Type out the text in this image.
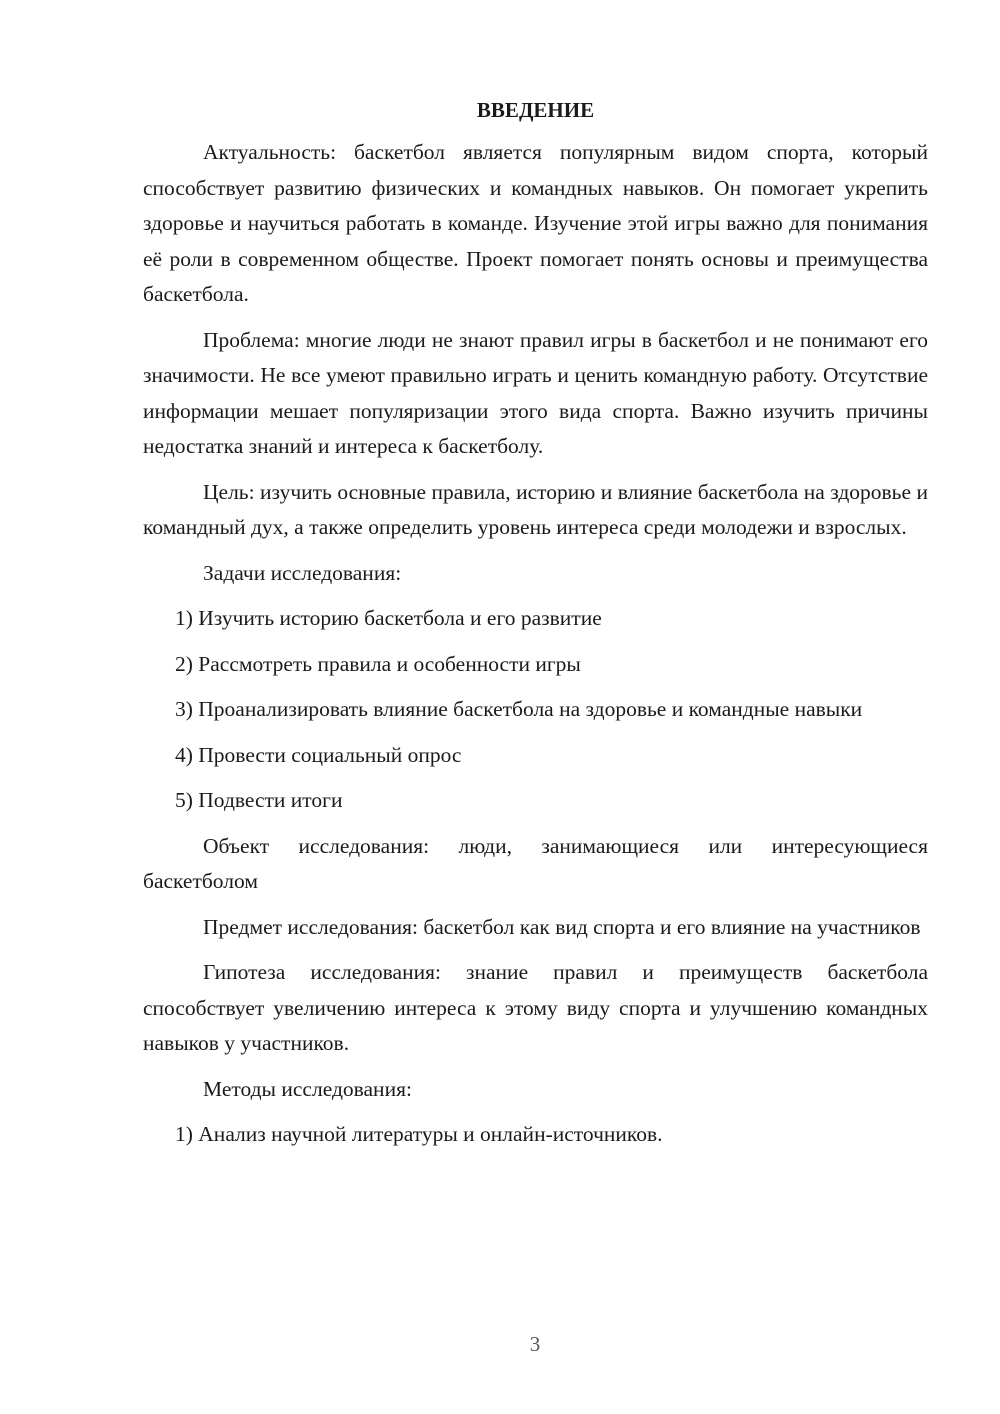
ВВЕДЕНИЕ

Актуальность: баскетбол является популярным видом спорта, который способствует развитию физических и командных навыков. Он помогает укрепить здоровье и научиться работать в команде. Изучение этой игры важно для понимания её роли в современном обществе. Проект помогает понять основы и преимущества баскетбола.

Проблема: многие люди не знают правил игры в баскетбол и не понимают его значимости. Не все умеют правильно играть и ценить командную работу. Отсутствие информации мешает популяризации этого вида спорта. Важно изучить причины недостатка знаний и интереса к баскетболу.

Цель: изучить основные правила, историю и влияние баскетбола на здоровье и командный дух, а также определить уровень интереса среди молодежи и взрослых.

Задачи исследования:

1) Изучить историю баскетбола и его развитие

2) Рассмотреть правила и особенности игры

3) Проанализировать влияние баскетбола на здоровье и командные навыки

4) Провести социальный опрос

5) Подвести итоги

Объект исследования: люди, занимающиеся или интересующиеся баскетболом

Предмет исследования: баскетбол как вид спорта и его влияние на участников

Гипотеза исследования: знание правил и преимуществ баскетбола способствует увеличению интереса к этому виду спорта и улучшению командных навыков у участников.

Методы исследования:

1) Анализ научной литературы и онлайн-источников.

3
